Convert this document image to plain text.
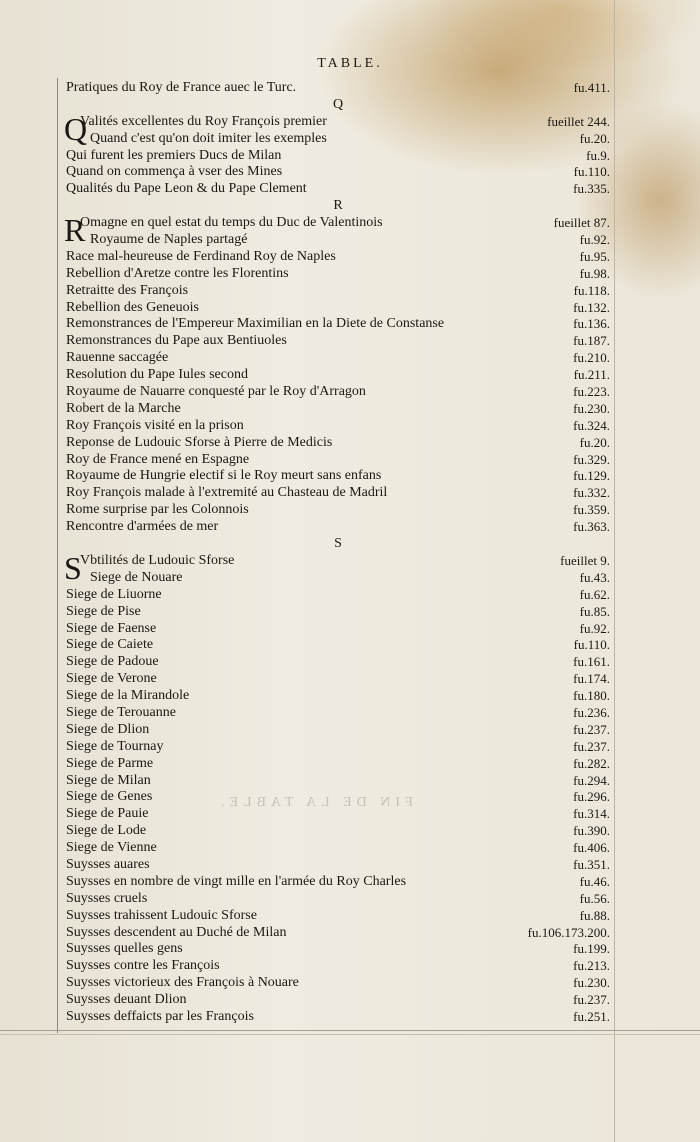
FIN DE LA TABLE.
TABLE.
Pratiques du Roy de France auec le Turc.	fu.411.
Q
Q
Valités excellentes du Roy François premier	fueillet 244.
Quand c'est qu'on doit imiter les exemples	fu.20.
Qui furent les premiers Ducs de Milan	fu.9.
Quand on commença à vser des Mines	fu.110.
Qualités du Pape Leon & du Pape Clement	fu.335.
R
R
Omagne en quel estat du temps du Duc de Valentinois	fueillet 87.
Royaume de Naples partagé	fu.92.
Race mal-heureuse de Ferdinand Roy de Naples	fu.95.
Rebellion d'Aretze contre les Florentins	fu.98.
Retraitte des François	fu.118.
Rebellion des Geneuois	fu.132.
Remonstrances de l'Empereur Maximilian en la Diete de Constanse	fu.136.
Remonstrances du Pape aux Bentiuoles	fu.187.
Rauenne saccagée	fu.210.
Resolution du Pape Iules second	fu.211.
Royaume de Nauarre conquesté par le Roy d'Arragon	fu.223.
Robert de la Marche	fu.230.
Roy François visité en la prison	fu.324.
Reponse de Ludouic Sforse à Pierre de Medicis	fu.20.
Roy de France mené en Espagne	fu.329.
Royaume de Hungrie electif si le Roy meurt sans enfans	fu.129.
Roy François malade à l'extremité au Chasteau de Madril	fu.332.
Rome surprise par les Colonnois	fu.359.
Rencontre d'armées de mer	fu.363.
S
S
Vbtilités de Ludouic Sforse	fueillet 9.
Siege de Nouare	fu.43.
Siege de Liuorne	fu.62.
Siege de Pise	fu.85.
Siege de Faense	fu.92.
Siege de Caiete	fu.110.
Siege de Padoue	fu.161.
Siege de Verone	fu.174.
Siege de la Mirandole	fu.180.
Siege de Terouanne	fu.236.
Siege de Dlion	fu.237.
Siege de Tournay	fu.237.
Siege de Parme	fu.282.
Siege de Milan	fu.294.
Siege de Genes	fu.296.
Siege de Pauie	fu.314.
Siege de Lode	fu.390.
Siege de Vienne	fu.406.
Suysses auares	fu.351.
Suysses en nombre de vingt mille en l'armée du Roy Charles	fu.46.
Suysses cruels	fu.56.
Suysses trahissent Ludouic Sforse	fu.88.
Suysses descendent au Duché de Milan	fu.106.173.200.
Suysses quelles gens	fu.199.
Suysses contre les François	fu.213.
Suysses victorieux des François à Nouare	fu.230.
Suysses deuant Dlion	fu.237.
Suysses deffaicts par les François	fu.251.
